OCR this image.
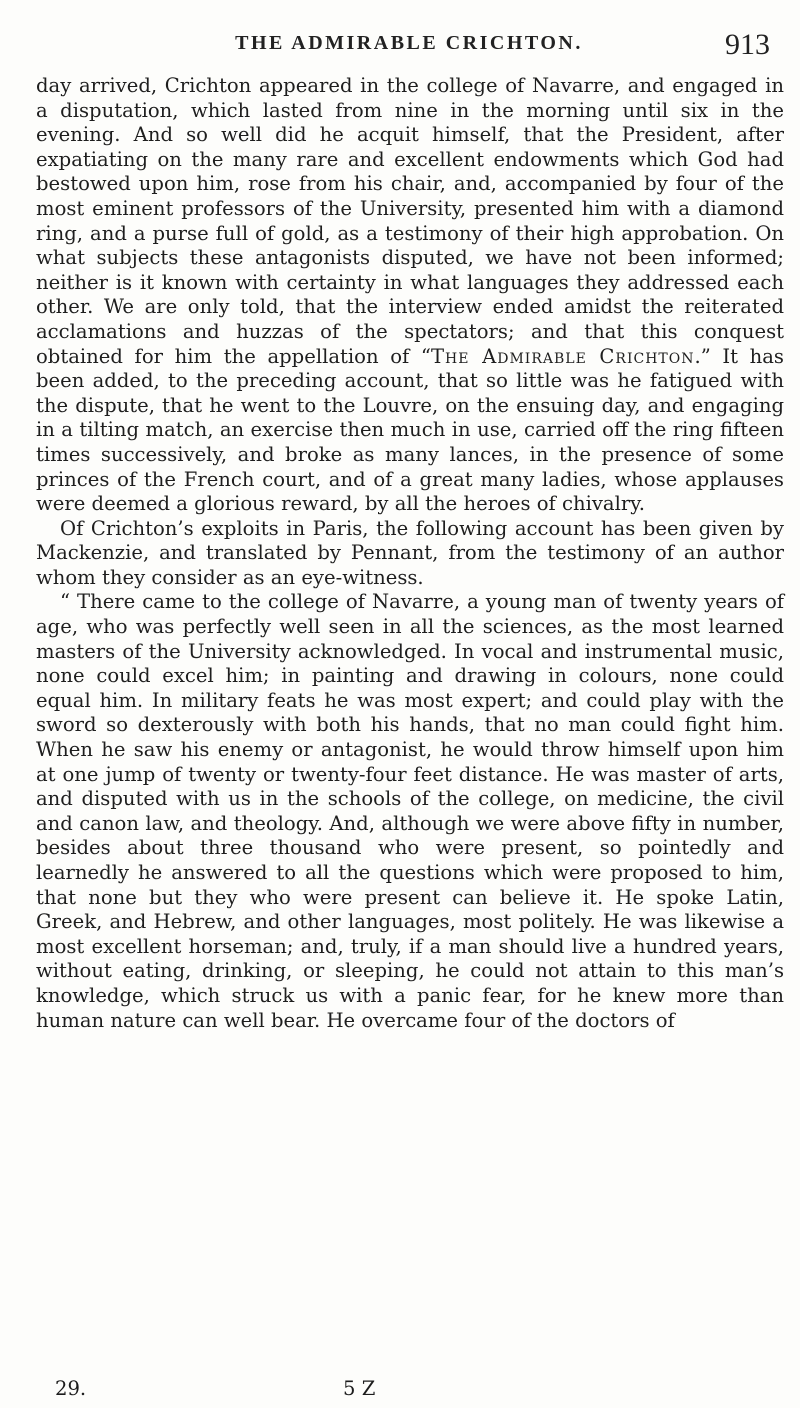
THE ADMIRABLE CRICHTON.	913

day arrived, Crichton appeared in the college of Navarre, and engaged in a disputation, which lasted from nine in the morning until six in the evening. And so well did he acquit himself, that the President, after expatiating on the many rare and excellent endowments which God had bestowed upon him, rose from his chair, and, accompanied by four of the most eminent professors of the University, presented him with a diamond ring, and a purse full of gold, as a testimony of their high approbation. On what subjects these antagonists disputed, we have not been informed; neither is it known with certainty in what languages they addressed each other. We are only told, that the interview ended amidst the reiterated acclamations and huzzas of the spectators; and that this conquest obtained for him the appellation of “The Admirable Crichton.” It has been added, to the preceding account, that so little was he fatigued with the dispute, that he went to the Louvre, on the ensuing day, and engaging in a tilting match, an exercise then much in use, carried off the ring fifteen times successively, and broke as many lances, in the presence of some princes of the French court, and of a great many ladies, whose applauses were deemed a glorious reward, by all the heroes of chivalry.

Of Crichton’s exploits in Paris, the following account has been given by Mackenzie, and translated by Pennant, from the testimony of an author whom they consider as an eye-witness.

“ There came to the college of Navarre, a young man of twenty years of age, who was perfectly well seen in all the sciences, as the most learned masters of the University acknowledged. In vocal and instrumental music, none could excel him; in painting and drawing in colours, none could equal him. In military feats he was most expert; and could play with the sword so dexterously with both his hands, that no man could fight him. When he saw his enemy or antagonist, he would throw himself upon him at one jump of twenty or twenty-four feet distance. He was master of arts, and disputed with us in the schools of the college, on medicine, the civil and canon law, and theology. And, although we were above fifty in number, besides about three thousand who were present, so pointedly and learnedly he answered to all the questions which were proposed to him, that none but they who were present can believe it. He spoke Latin, Greek, and Hebrew, and other languages, most politely. He was likewise a most excellent horseman; and, truly, if a man should live a hundred years, without eating, drinking, or sleeping, he could not attain to this man’s knowledge, which struck us with a panic fear, for he knew more than human nature can well bear. He overcame four of the doctors of

29.	5 Z
